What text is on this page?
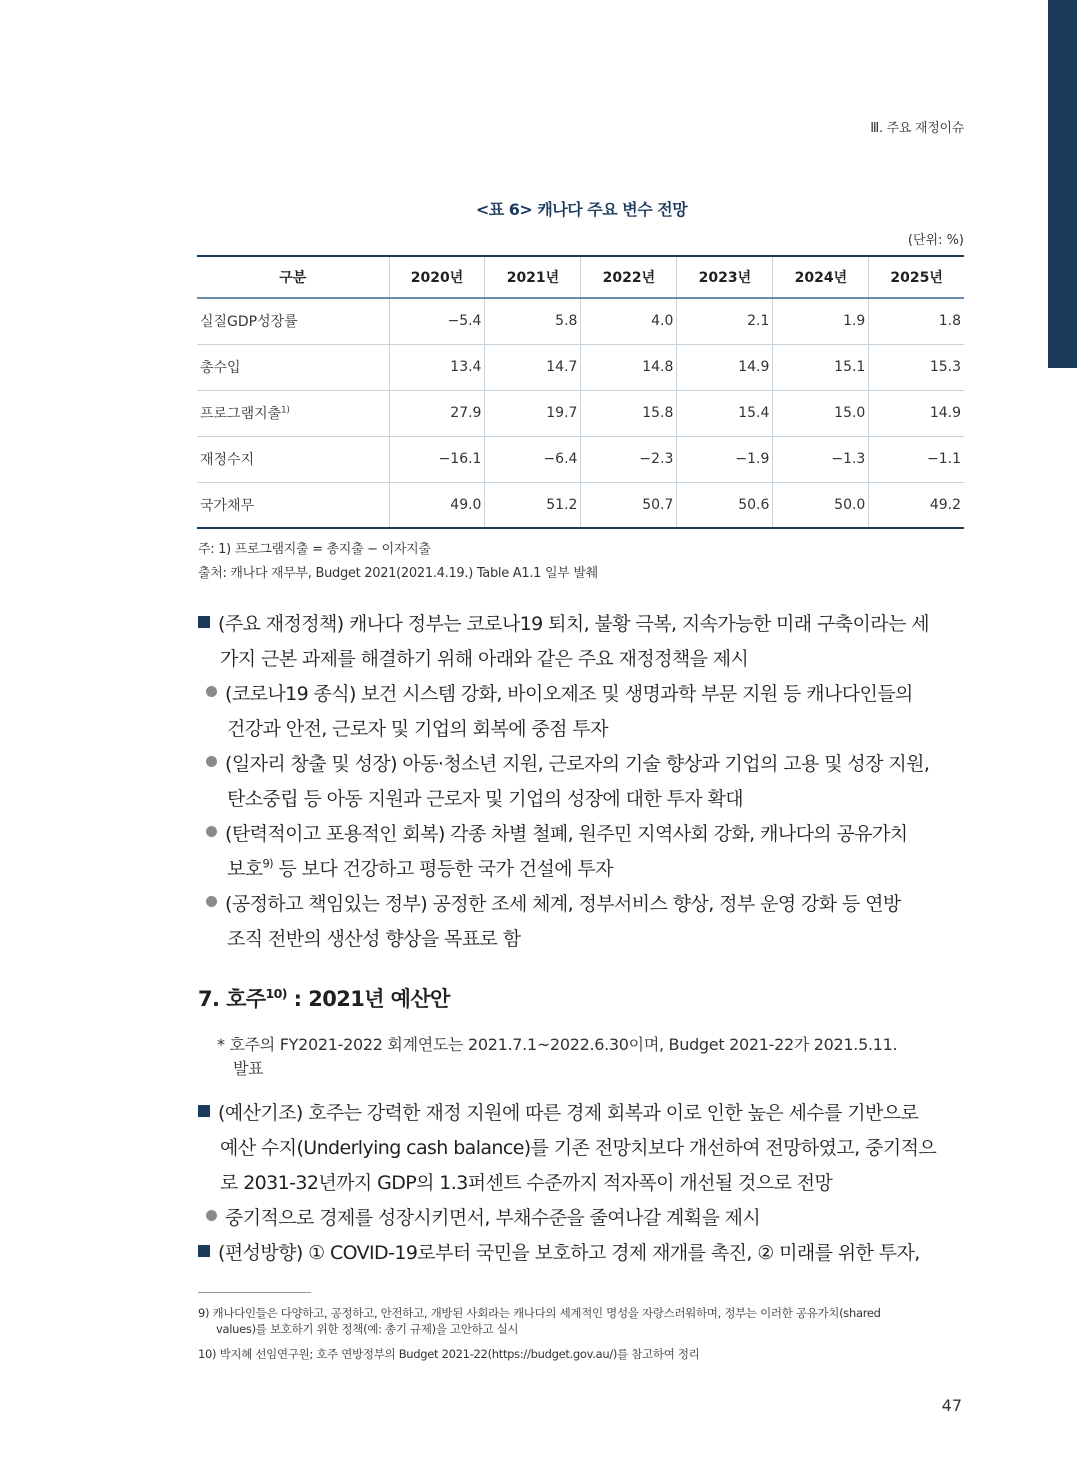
Ⅲ. 주요 재정이슈
<표 6> 캐나다 주요 변수 전망
(단위: %)
구분	2020년	2021년	2022년	2023년	2024년	2025년
실질GDP성장률	−5.4	5.8	4.0	2.1	1.9	1.8
총수입	13.4	14.7	14.8	14.9	15.1	15.3
프로그램지출$^{1)}$	27.9	19.7	15.8	15.4	15.0	14.9
재정수지	−16.1	−6.4	−2.3	−1.9	−1.3	−1.1
국가채무	49.0	51.2	50.7	50.6	50.0	49.2
주: 1) 프로그램지출 = 총지출 − 이자지출
출처: 캐나다 재무부, Budget 2021(2021.4.19.) Table A1.1 일부 발췌
(주요 재정정책) 캐나다 정부는 코로나19 퇴치, 불황 극복, 지속가능한 미래 구축이라는 세
가지 근본 과제를 해결하기 위해 아래와 같은 주요 재정정책을 제시
(코로나19 종식) 보건 시스템 강화, 바이오제조 및 생명과학 부문 지원 등 캐나다인들의
건강과 안전, 근로자 및 기업의 회복에 중점 투자
(일자리 창출 및 성장) 아동·청소년 지원, 근로자의 기술 향상과 기업의 고용 및 성장 지원,
탄소중립 등 아동 지원과 근로자 및 기업의 성장에 대한 투자 확대
(탄력적이고 포용적인 회복) 각종 차별 철폐, 원주민 지역사회 강화, 캐나다의 공유가치
보호$^{9)}$ 등 보다 건강하고 평등한 국가 건설에 투자
(공정하고 책임있는 정부) 공정한 조세 체계, 정부서비스 향상, 정부 운영 강화 등 연방
조직 전반의 생산성 향상을 목표로 함
7. 호주$^{10)}$ : 2021년 예산안
* 호주의 FY2021-2022 회계연도는 2021.7.1~2022.6.30이며, Budget 2021-22가 2021.5.11.
발표
(예산기조) 호주는 강력한 재정 지원에 따른 경제 회복과 이로 인한 높은 세수를 기반으로
예산 수지(Underlying cash balance)를 기존 전망치보다 개선하여 전망하였고, 중기적으
로 2031-32년까지 GDP의 1.3퍼센트 수준까지 적자폭이 개선될 것으로 전망
중기적으로 경제를 성장시키면서, 부채수준을 줄여나갈 계획을 제시
(편성방향) ① COVID-19로부터 국민을 보호하고 경제 재개를 촉진, ② 미래를 위한 투자,
9) 캐나다인들은 다양하고, 공정하고, 안전하고, 개방된 사회라는 캐나다의 세계적인 명성을 자랑스러워하며, 정부는 이러한 공유가치(shared
values)를 보호하기 위한 정책(예: 총기 규제)을 고안하고 실시
10) 박지혜 선임연구원; 호주 연방정부의 Budget 2021-22(https://budget.gov.au/)를 참고하여 정리
47
